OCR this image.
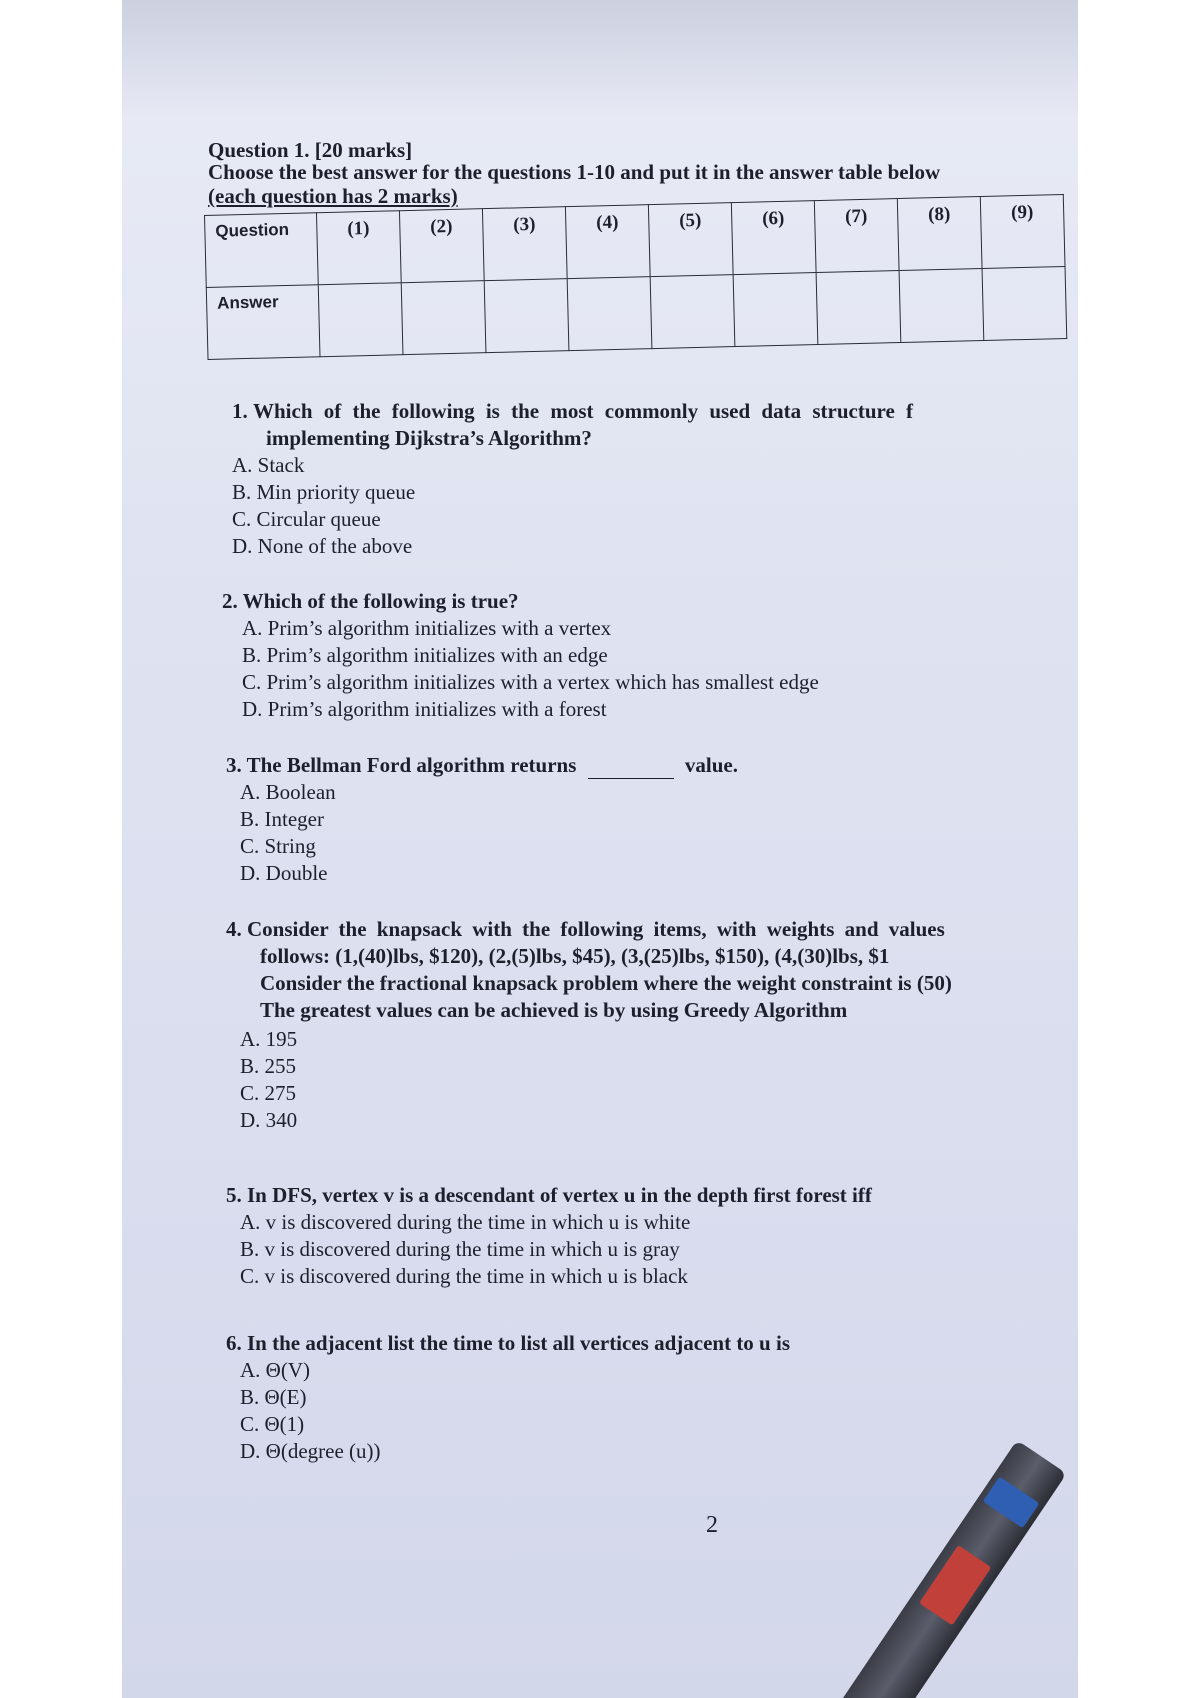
Question 1. [20 marks]
Choose the best answer for the questions 1-10 and put it in the answer table below
(each question has 2 marks)
Question	(1)	(2)	(3)	(4)	(5)	(6)	(7)	(8)	(9)
Answer									
1. Which of the following is the most commonly used data structure f
implementing Dijkstra’s Algorithm?
A. Stack
B. Min priority queue
C. Circular queue
D. None of the above
2. Which of the following is true?
A. Prim’s algorithm initializes with a vertex
B. Prim’s algorithm initializes with an edge
C. Prim’s algorithm initializes with a vertex which has smallest edge
D. Prim’s algorithm initializes with a forest
3. The Bellman Ford algorithm returns	value.
A. Boolean
B. Integer
C. String
D. Double
4. Consider the knapsack with the following items, with weights and values
follows: (1,(40)lbs, $120), (2,(5)lbs, $45), (3,(25)lbs, $150), (4,(30)lbs, $1
Consider the fractional knapsack problem where the weight constraint is (50)
The greatest values can be achieved is by using Greedy Algorithm
A. 195
B. 255
C. 275
D. 340
5. In DFS, vertex v is a descendant of vertex u in the depth first forest iff
A. v is discovered during the time in which u is white
B. v is discovered during the time in which u is gray
C. v is discovered during the time in which u is black
6. In the adjacent list the time to list all vertices adjacent to u is
A. Θ(V)
B. Θ(E)
C. Θ(1)
D. Θ(degree (u))
2
